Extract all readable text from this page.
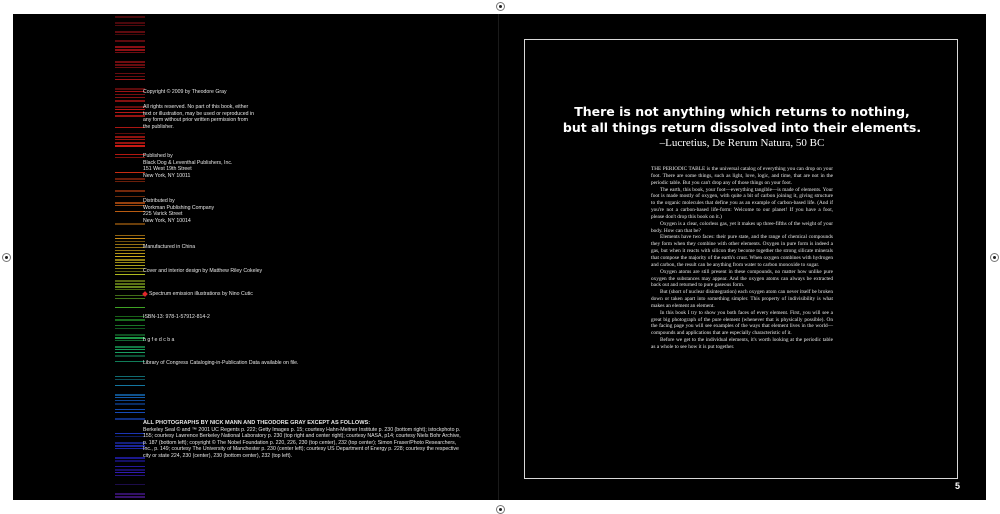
Copyright © 2009 by Theodore Gray

All rights reserved. No part of this book, either text or illustration, may be used or reproduced in any form without prior written permission from the publisher.

Published by

Black Dog & Leventhal Publishers, Inc.

151 West 19th Street

New York, NY 10011

Distributed by

Workman Publishing Company

225 Varick Street

New York, NY 10014

Manufactured in China

Cover and interior design by Matthew Riley Cokeley

Spectrum emission illustrations by Nino Cutic

ISBN-13: 978-1-57912-814-2

h g f e d c b a

Library of Congress Cataloging-in-Publication Data available on file.

ALL PHOTOGRAPHS BY NICK MANN AND THEODORE GRAY EXCEPT AS FOLLOWS:

Berkeley Seal © and ™ 2001 UC Regents p. 222; Getty Images p. 15; courtesy Hahn-Meitner Institute p. 230 (bottom right); istockphoto p. 155; courtesy Lawrence Berkeley National Laboratory p. 230 (top right and center right); courtesy NASA, p14; courtesy Niels Bohr Archive, p. 187 (bottom left); copyright © The Nobel Foundation p. 220, 226, 230 (top center), 232 (top center); Simon Fraser/Photo Researchers, Inc., p. 149; courtesy The University of Manchester p. 230 (center left); courtesy US Department of Energy p. 228; courtesy the respective city or state 224, 230 (center), 230 (bottom center), 232 (top left).

There is not anything which returns to nothing,
but all things return dissolved into their elements.
–Lucretius, De Rerum Natura, 50 BC

THE PERIODIC TABLE is the universal catalog of everything you can drop on your foot. There are some things, such as light, love, logic, and time, that are not in the periodic table. But you can't drop any of those things on your foot.

The earth, this book, your foot—everything tangible—is made of elements. Your foot is made mostly of oxygen, with quite a bit of carbon joining it, giving structure to the organic molecules that define you as an example of carbon-based life. (And if you're not a carbon-based life-form: Welcome to our planet! If you have a foot, please don't drop this book on it.)

Oxygen is a clear, colorless gas, yet it makes up three-fifths of the weight of your body. How can that be?

Elements have two faces: their pure state, and the range of chemical compounds they form when they combine with other elements. Oxygen in pure form is indeed a gas, but when it reacts with silicon they become together the strong silicate minerals that compose the majority of the earth's crust. When oxygen combines with hydrogen and carbon, the result can be anything from water to carbon monoxide to sugar.

Oxygen atoms are still present in these compounds, no matter how unlike pure oxygen the substances may appear. And the oxygen atoms can always be extracted back out and returned to pure gaseous form.

But (short of nuclear disintegration) each oxygen atom can never itself be broken down or taken apart into something simpler. This property of indivisibility is what makes an element an element.

In this book I try to show you both faces of every element. First, you will see a great big photograph of the pure element (whenever that is physically possible). On the facing page you will see examples of the ways that element lives in the world—compounds and applications that are especially characteristic of it.

Before we get to the individual elements, it's worth looking at the periodic table as a whole to see how it is put together.

5
